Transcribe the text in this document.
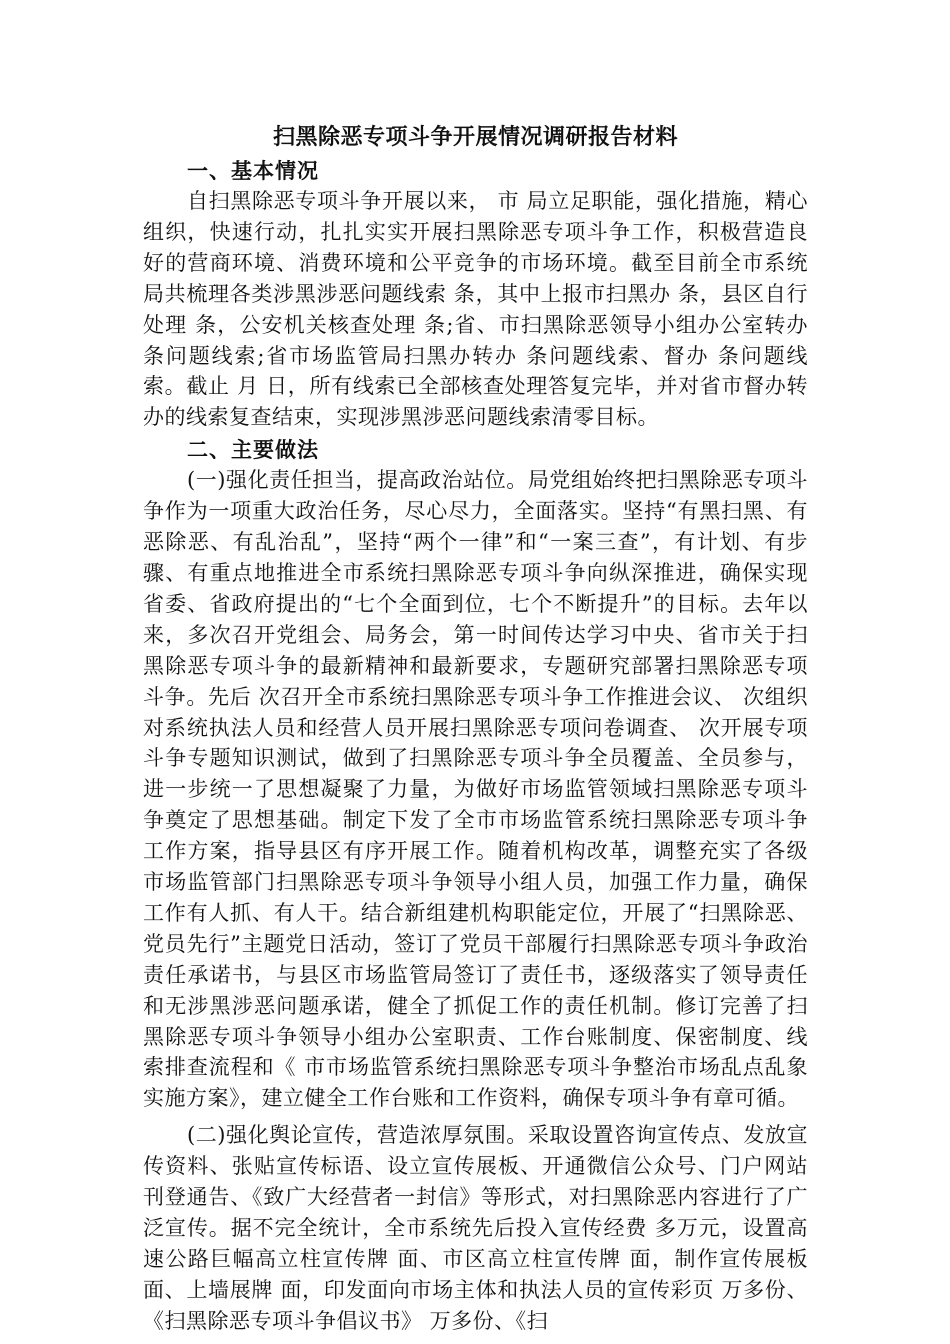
扫黑除恶专项斗争开展情况调研报告材料
一、基本情况

自扫黑除恶专项斗争开展以来， 市 局立足职能，强化措施，精心组织，快速行动，扎扎实实开展扫黑除恶专项斗争工作，积极营造良好的营商环境、消费环境和公平竞争的市场环境。截至目前全市系统局共梳理各类涉黑涉恶问题线索 条，其中上报市扫黑办 条，县区自行处理 条，公安机关核查处理 条;省、市扫黑除恶领导小组办公室转办 条问题线索;省市场监管局扫黑办转办 条问题线索、督办 条问题线索。截止 月 日，所有线索已全部核查处理答复完毕，并对省市督办转办的线索复查结束，实现涉黑涉恶问题线索清零目标。

二、主要做法

(一)强化责任担当，提高政治站位。局党组始终把扫黑除恶专项斗争作为一项重大政治任务，尽心尽力，全面落实。坚持“有黑扫黑、有恶除恶、有乱治乱”，坚持“两个一律”和“一案三查”，有计划、有步骤、有重点地推进全市系统扫黑除恶专项斗争向纵深推进，确保实现省委、省政府提出的“七个全面到位，七个不断提升”的目标。去年以来，多次召开党组会、局务会，第一时间传达学习中央、省市关于扫黑除恶专项斗争的最新精神和最新要求，专题研究部署扫黑除恶专项斗争。先后 次召开全市系统扫黑除恶专项斗争工作推进会议、 次组织对系统执法人员和经营人员开展扫黑除恶专项问卷调查、 次开展专项斗争专题知识测试，做到了扫黑除恶专项斗争全员覆盖、全员参与，进一步统一了思想凝聚了力量，为做好市场监管领域扫黑除恶专项斗争奠定了思想基础。制定下发了全市市场监管系统扫黑除恶专项斗争工作方案，指导县区有序开展工作。随着机构改革，调整充实了各级市场监管部门扫黑除恶专项斗争领导小组人员，加强工作力量，确保工作有人抓、有人干。结合新组建机构职能定位，开展了“扫黑除恶、党员先行”主题党日活动，签订了党员干部履行扫黑除恶专项斗争政治责任承诺书，与县区市场监管局签订了责任书，逐级落实了领导责任和无涉黑涉恶问题承诺，健全了抓促工作的责任机制。修订完善了扫黑除恶专项斗争领导小组办公室职责、工作台账制度、保密制度、线索排查流程和《 市市场监管系统扫黑除恶专项斗争整治市场乱点乱象实施方案》，建立健全工作台账和工作资料，确保专项斗争有章可循。

(二)强化舆论宣传，营造浓厚氛围。采取设置咨询宣传点、发放宣传资料、张贴宣传标语、设立宣传展板、开通微信公众号、门户网站刊登通告、《致广大经营者一封信》等形式，对扫黑除恶内容进行了广泛宣传。据不完全统计，全市系统先后投入宣传经费 多万元，设置高速公路巨幅高立柱宣传牌 面、市区高立柱宣传牌 面，制作宣传展板 面、上墙展牌 面，印发面向市场主体和执法人员的宣传彩页 万多份、《扫黑除恶专项斗争倡议书》 万多份、《扫
